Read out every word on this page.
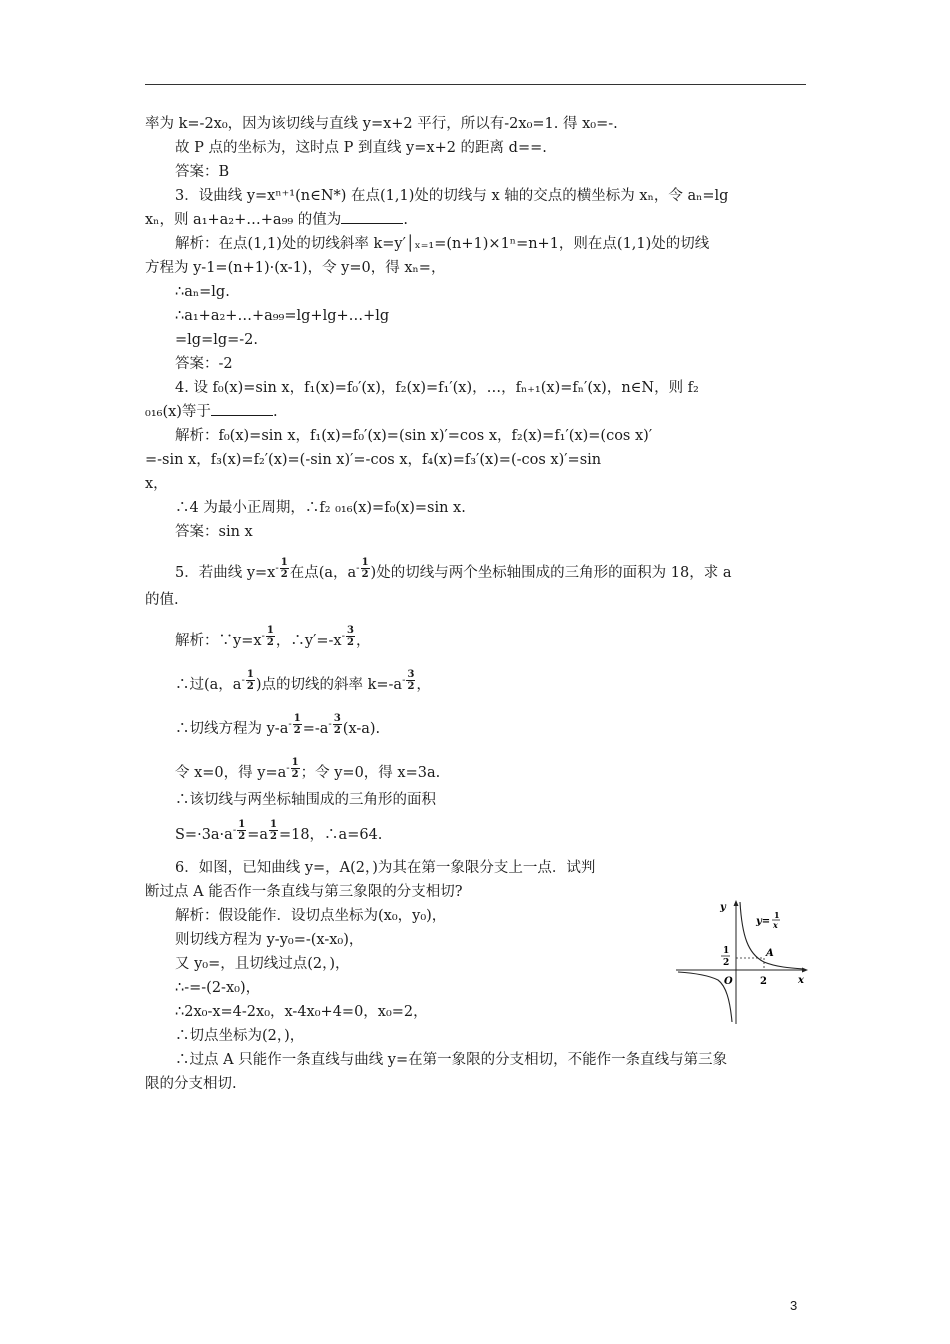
率为 k=-2x₀，因为该切线与直线 y=x+2 平行，所以有-2x₀=1. 得 x₀=-.
故 P 点的坐标为，这时点 P 到直线 y=x+2 的距离 d==.
答案：B
3．设曲线 y=xⁿ⁺¹(n∈N*) 在点(1,1)处的切线与 x 轴的交点的横坐标为 xₙ，令 aₙ=lg
xₙ，则 a₁+a₂+…+a₉₉ 的值为	.
解析：在点(1,1)处的切线斜率 k=y′│ₓ₌₁=(n+1)×1ⁿ=n+1，则在点(1,1)处的切线
方程为 y-1=(n+1)·(x-1)，令 y=0，得 xₙ=，
∴aₙ=lg.
∴a₁+a₂+…+a₉₉=lg+lg+…+lg
=lg=lg=-2.
答案：-2
4. 设 f₀(x)=sin x，f₁(x)=f₀′(x)，f₂(x)=f₁′(x)，…，fₙ₊₁(x)=fₙ′(x)，n∈N，则 f₂
₀₁₆(x)等于	.
解析：f₀(x)=sin x，f₁(x)=f₀′(x)=(sin x)′=cos x，f₂(x)=f₁′(x)=(cos x)′
=-sin x，f₃(x)=f₂′(x)=(-sin x)′=-cos x，f₄(x)=f₃′(x)=(-cos x)′=sin
x，
∴4 为最小正周期，∴f₂ ₀₁₆(x)=f₀(x)=sin x.
答案：sin x
5．若曲线 $y=x- \frac{1}{2}$ 在点(a，$a- \frac{1}{2}$ )处的切线与两个坐标轴围成的三角形的面积为 18，求 a
的值.
解析：∵y=x- $\frac{1}{2}$ ，∴y′=-x- $\frac{3}{2}$ ，
∴过(a，$a- \frac{1}{2}$ )点的切线的斜率 $k=-a- \frac{3}{2}$ ，
∴切线方程为 $y-a- \frac{1}{2} =-a- \frac{3}{2} (x-a)$.
令 x=0，得 $y=a- \frac{1}{2}$ ；令 y=0，得 x=3a.
∴该切线与两坐标轴围成的三角形的面积
$S=\cdot 3a\cdot a- \frac{1}{2} =a \frac{1}{2} =18$，∴a=64.
6．如图，已知曲线 y=，A(2，)为其在第一象限分支上一点．试判
断过点 A 能否作一条直线与第三象限的分支相切?
解析：假设能作．设切点坐标为(x₀，y₀)，
则切线方程为 y-y₀=-(x-x₀)，
又 y₀=，且切线过点(2，)，
∴-=-(2-x₀)，
∴2x₀-x=4-2x₀，x-4x₀+4=0，x₀=2，
∴切点坐标为(2，)，
∴过点 A 只能作一条直线与曲线 y=在第一象限的分支相切，不能作一条直线与第三象
限的分支相切.
y
x
O
y=
1
x
1
2
2
A
3
